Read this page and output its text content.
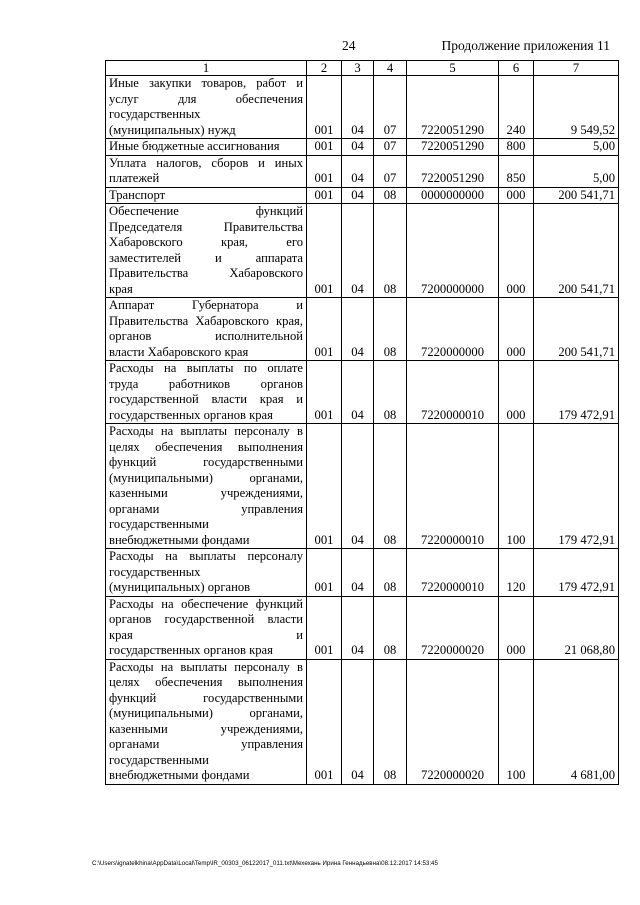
24	Продолжение приложения 11
1	2	3	4	5	6	7
Иные закупки товаров, работ и услуг для обеспечения государственных
(муниципальных) нужд	001	04	07	7220051290	240	9 549,52

Иные бюджетные ассигнования	001	04	07	7220051290	800	5,00
Уплата налогов, сборов и иных
платежей	001	04	07	7220051290	850	5,00

Транспорт	001	04	08	0000000000	000	200 541,71
Обеспечение функций Председателя Правительства Хабаровского края, его заместителей и аппарата Правительства Хабаровского
края	001	04	08	7200000000	000	200 541,71
Аппарат Губернатора и Правительства Хабаровского края, органов исполнительной
власти Хабаровского края	001	04	08	7220000000	000	200 541,71
Расходы на выплаты по оплате труда работников органов государственной власти края и
государственных органов края	001	04	08	7220000010	000	179 472,91
Расходы на выплаты персоналу в целях обеспечения выполнения функций государственными (муниципальными) органами, казенными учреждениями, органами управления государственными
внебюджетными фондами	001	04	08	7220000010	100	179 472,91
Расходы на выплаты персоналу государственных
(муниципальных) органов	001	04	08	7220000010	120	179 472,91
Расходы на обеспечение функций органов государственной власти края и
государственных органов края	001	04	08	7220000020	000	21 068,80
Расходы на выплаты персоналу в целях обеспечения выполнения функций государственными (муниципальными) органами, казенными учреждениями, органами управления государственными
внебюджетными фондами	001	04	08	7220000020	100	4 681,00
C:\Users\ignatelkhina\AppData\Local\Temp\IR_00303_06122017_011.txt\Мехехань Ирина Геннадьевна\08.12.2017 14:53:45
